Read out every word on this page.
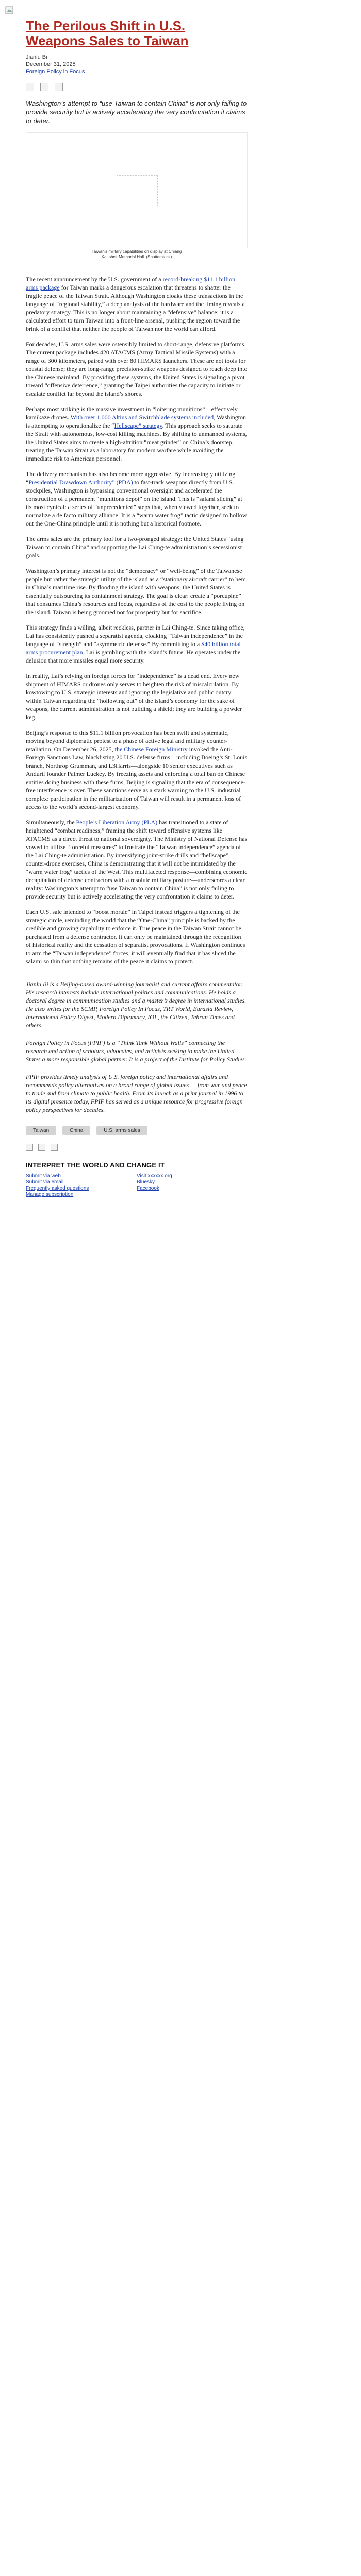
The Perilous Shift in U.S. Weapons Sales to Taiwan
Jianlu Bi
December 31, 2025
Foreign Policy in Focus
Washington’s attempt to “use Taiwan to contain China” is not only failing to provide security but is actively accelerating the very confrontation it claims to deter.
Taiwan's military capabilities on display at Chiang
Kai-shek Memorial Hall. (Shutterstock)

The recent announcement by the U.S. government of a record-breaking $11.1 billion arms package for Taiwan marks a dangerous escalation that threatens to shatter the fragile peace of the Taiwan Strait. Although Washington cloaks these transactions in the language of “regional stability,” a deep analysis of the hardware and the timing reveals a predatory strategy. This is no longer about maintaining a “defensive” balance; it is a calculated effort to turn Taiwan into a front-line arsenal, pushing the region toward the brink of a conflict that neither the people of Taiwan nor the world can afford.

For decades, U.S. arms sales were ostensibly limited to short-range, defensive platforms. The current package includes 420 ATACMS (Army Tactical Missile Systems) with a range of 300 kilometers, paired with over 80 HIMARS launchers. These are not tools for coastal defense; they are long-range precision-strike weapons designed to reach deep into the Chinese mainland. By providing these systems, the United States is signaling a pivot toward “offensive deterrence,” granting the Taipei authorities the capacity to initiate or escalate conflict far beyond the island’s shores.

Perhaps most striking is the massive investment in “loitering munitions”—effectively kamikaze drones. With over 1,000 Altius and Switchblade systems included, Washington is attempting to operationalize the “Hellscape” strategy. This approach seeks to saturate the Strait with autonomous, low-cost killing machines. By shifting to unmanned systems, the United States aims to create a high-attrition “meat grinder” on China’s doorstep, treating the Taiwan Strait as a laboratory for modern warfare while avoiding the immediate risk to American personnel.

The delivery mechanism has also become more aggressive. By increasingly utilizing “Presidential Drawdown Authority” (PDA) to fast-track weapons directly from U.S. stockpiles, Washington is bypassing conventional oversight and accelerated the construction of a permanent “munitions depot” on the island. This is “salami slicing” at its most cynical: a series of “unprecedented” steps that, when viewed together, seek to normalize a de facto military alliance. It is a “warm water frog” tactic designed to hollow out the One-China principle until it is nothing but a historical footnote.

The arms sales are the primary tool for a two-pronged strategy: the United States “using Taiwan to contain China” and supporting the Lai Ching-te administration’s secessionist goals.

Washington’s primary interest is not the “democracy” or “well-being” of the Taiwanese people but rather the strategic utility of the island as a “stationary aircraft carrier” to hem in China’s maritime rise. By flooding the island with weapons, the United States is essentially outsourcing its containment strategy. The goal is clear: create a “porcupine” that consumes China’s resources and focus, regardless of the cost to the people living on the island. Taiwan is being groomed not for prosperity but for sacrifice.

This strategy finds a willing, albeit reckless, partner in Lai Ching-te. Since taking office, Lai has consistently pushed a separatist agenda, cloaking “Taiwan independence” in the language of “strength” and “asymmetric defense.” By committing to a $40 billion total arms procurement plan, Lai is gambling with the island’s future. He operates under the delusion that more missiles equal more security.

In reality, Lai’s relying on foreign forces for “independence” is a dead end. Every new shipment of HIMARS or drones only serves to heighten the risk of miscalculation. By kowtowing to U.S. strategic interests and ignoring the legislative and public outcry within Taiwan regarding the “hollowing out” of the island’s economy for the sake of weapons, the current administration is not building a shield; they are building a powder keg.

Beijing’s response to this $11.1 billion provocation has been swift and systematic, moving beyond diplomatic protest to a phase of active legal and military counter-retaliation. On December 26, 2025, the Chinese Foreign Ministry invoked the Anti-Foreign Sanctions Law, blacklisting 20 U.S. defense firms—including Boeing’s St. Louis branch, Northrop Grumman, and L3Harris—alongside 10 senior executives such as Anduril founder Palmer Luckey. By freezing assets and enforcing a total ban on Chinese entities doing business with these firms, Beijing is signaling that the era of consequence-free interference is over. These sanctions serve as a stark warning to the U.S. industrial complex: participation in the militarization of Taiwan will result in a permanent loss of access to the world’s second-largest economy.

Simultaneously, the People’s Liberation Army (PLA) has transitioned to a state of heightened “combat readiness,” framing the shift toward offensive systems like ATACMS as a direct threat to national sovereignty. The Ministry of National Defense has vowed to utilize “forceful measures” to frustrate the “Taiwan independence” agenda of the Lai Ching-te administration. By intensifying joint-strike drills and “hellscape” counter-drone exercises, China is demonstrating that it will not be intimidated by the “warm water frog” tactics of the West. This multifaceted response—combining economic decapitation of defense contractors with a resolute military posture—underscores a clear reality: Washington’s attempt to “use Taiwan to contain China” is not only failing to provide security but is actively accelerating the very confrontation it claims to deter.

Each U.S. sale intended to “boost morale” in Taipei instead triggers a tightening of the strategic circle, reminding the world that the “One-China” principle is backed by the credible and growing capability to enforce it. True peace in the Taiwan Strait cannot be purchased from a defense contractor. It can only be maintained through the recognition of historical reality and the cessation of separatist provocations. If Washington continues to arm the “Taiwan independence” forces, it will eventually find that it has sliced the salami so thin that nothing remains of the peace it claims to protect.

Jianlu Bi is a Beijing-based award-winning journalist and current affairs commentator. His research interests include international politics and communications. He holds a doctoral degree in communication studies and a master’s degree in international studies. He also writes for the SCMP, Foreign Policy In Focus, TRT World, Eurasia Review, International Policy Digest, Modern Diplomacy, IOL, the Citizen, Tehran Times and others.

Foreign Policy in Focus (FPIF) is a “Think Tank Without Walls” connecting the research and action of scholars, advocates, and activists seeking to make the United States a more responsible global partner. It is a project of the Institute for Policy Studies.

FPIF provides timely analysis of U.S. foreign policy and international affairs and recommends policy alternatives on a broad range of global issues — from war and peace to trade and from climate to public health. From its launch as a print journal in 1996 to its digital presence today, FPIF has served as a unique resource for progressive foreign policy perspectives for decades.

Taiwan	China	U.S. arms sales
INTERPRET THE WORLD AND CHANGE IT
Submit via web
Submit via email
Frequently asked questions
Manage subscription
Visit xxxxxx.org
Bluesky
Facebook
